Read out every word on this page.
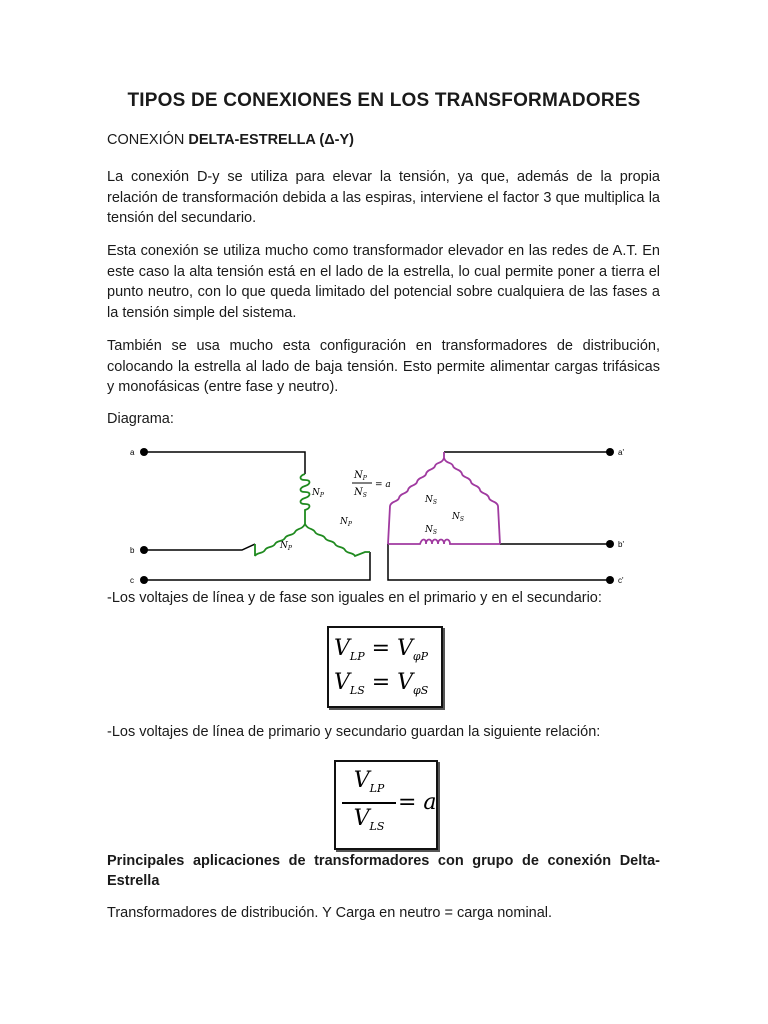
TIPOS DE CONEXIONES EN LOS TRANSFORMADORES
CONEXIÓN DELTA-ESTRELLA (Δ-Y)

La conexión D-y se utiliza para elevar la tensión, ya que, además de la propia relación de transformación debida a las espiras, interviene el factor 3 que multiplica la tensión del secundario.

Esta conexión se utiliza mucho como transformador elevador en las redes de A.T. En este caso la alta tensión está en el lado de la estrella, lo cual permite poner a tierra el punto neutro, con lo que queda limitado del potencial sobre cualquiera de las fases a la tensión simple del sistema.

También se usa mucho esta configuración en transformadores de distribución, colocando la estrella al lado de baja tensión. Esto permite alimentar cargas trifásicas y monofásicas (entre fase y neutro).

Diagrama:
a
b
c
$N_P$
$N_P$
$N_P$
$N_P$
$N_S$
= a
$N_S$
$N_S$
$N_S$
a'
b'
c'
-Los voltajes de línea y de fase son iguales en el primario y en el secundario:
$V_{LP} = V_{\varphi P}$
$V_{LS} = V_{\varphi S}$
-Los voltajes de línea de primario y secundario guardan la siguiente relación:
$V_{LP}$
$V_{LS}$
= a

Principales aplicaciones de transformadores con grupo de conexión Delta-Estrella

Transformadores de distribución. Y Carga en neutro = carga nominal.
